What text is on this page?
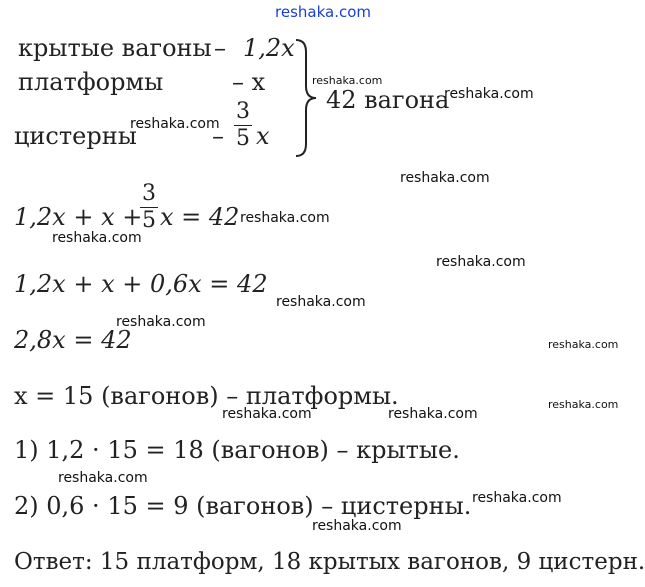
reshaka.com
крытые вагоны – 1,2x
платформы	– x
цистерны	–
3
5 x
42 вагона
1,2x + x +
3
5 x = 42
1,2x + x + 0,6x = 42
2,8x = 42
x = 15 (вагонов) – платформы.
1) 1,2 · 15 = 18 (вагонов) – крытые.
2) 0,6 · 15 = 9 (вагонов) – цистерны.
Ответ: 15 платформ, 18 крытых вагонов, 9 цистерн.
reshaka.com
reshaka.com
reshaka.com
reshaka.com
reshaka.com
reshaka.com
reshaka.com
reshaka.com
reshaka.com
reshaka.com
reshaka.com
reshaka.com	reshaka.com
reshaka.com
reshaka.com
reshaka.com
